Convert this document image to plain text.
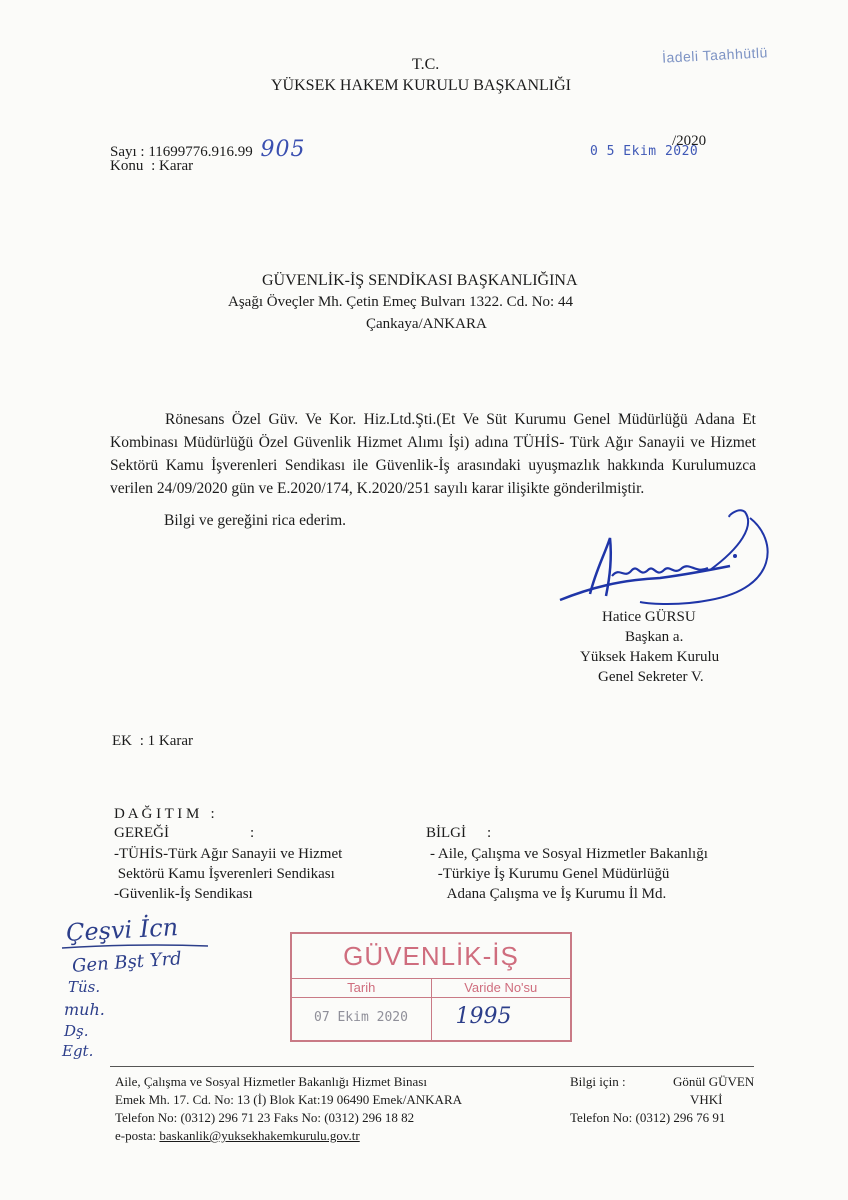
T.C.
YÜKSEK HAKEM KURULU BAŞKANLIĞI
İadeli Taahhütlü
Sayı : 11699776.916.99 905
Konu : Karar
0 5 Ekim 2020
/2020
GÜVENLİK-İŞ SENDİKASI BAŞKANLIĞINA
Aşağı Öveçler Mh. Çetin Emeç Bulvarı 1322. Cd. No: 44
Çankaya/ANKARA
Rönesans Özel Güv. Ve Kor. Hiz.Ltd.Şti.(Et Ve Süt Kurumu Genel Müdürlüğü Adana Et Kombinası Müdürlüğü Özel Güvenlik Hizmet Alımı İşi) adına TÜHİS- Türk Ağır Sanayii ve Hizmet Sektörü Kamu İşverenleri Sendikası ile Güvenlik-İş arasındaki uyuşmazlık hakkında Kurulumuzca verilen 24/09/2020 gün ve E.2020/174, K.2020/251 sayılı karar ilişikte gönderilmiştir.
Bilgi ve gereğini rica ederim.
Hatice GÜRSU
Başkan a.
Yüksek Hakem Kurulu
Genel Sekreter V.
EK : 1 Karar
D A Ğ I T I M   :
GEREĞİ	:
-TÜHİS-Türk Ağır Sanayii ve Hizmet
Sektörü Kamu İşverenleri Sendikası
-Güvenlik-İş Sendikası
BİLGİ :
- Aile, Çalışma ve Sosyal Hizmetler Bakanlığı
-Türkiye İş Kurumu Genel Müdürlüğü
Adana Çalışma ve İş Kurumu İl Md.
Çeşvi İcn
Gen Bşt Yrd
Tüs.
muh.
Dş.
Egt.
GÜVENLİK-İŞ
Tarih	Varide No'su
07 Ekim 2020 1995
Aile, Çalışma ve Sosyal Hizmetler Bakanlığı Hizmet Binası
Emek Mh. 17. Cd. No: 13 (İ) Blok Kat:19 06490 Emek/ANKARA
Telefon No: (0312) 296 71 23 Faks No: (0312) 296 18 82
e-posta: baskanlik@yuksekhakemkurulu.gov.tr
Bilgi için :	Gönül GÜVEN
VHKİ
Telefon No: (0312) 296 76 91
